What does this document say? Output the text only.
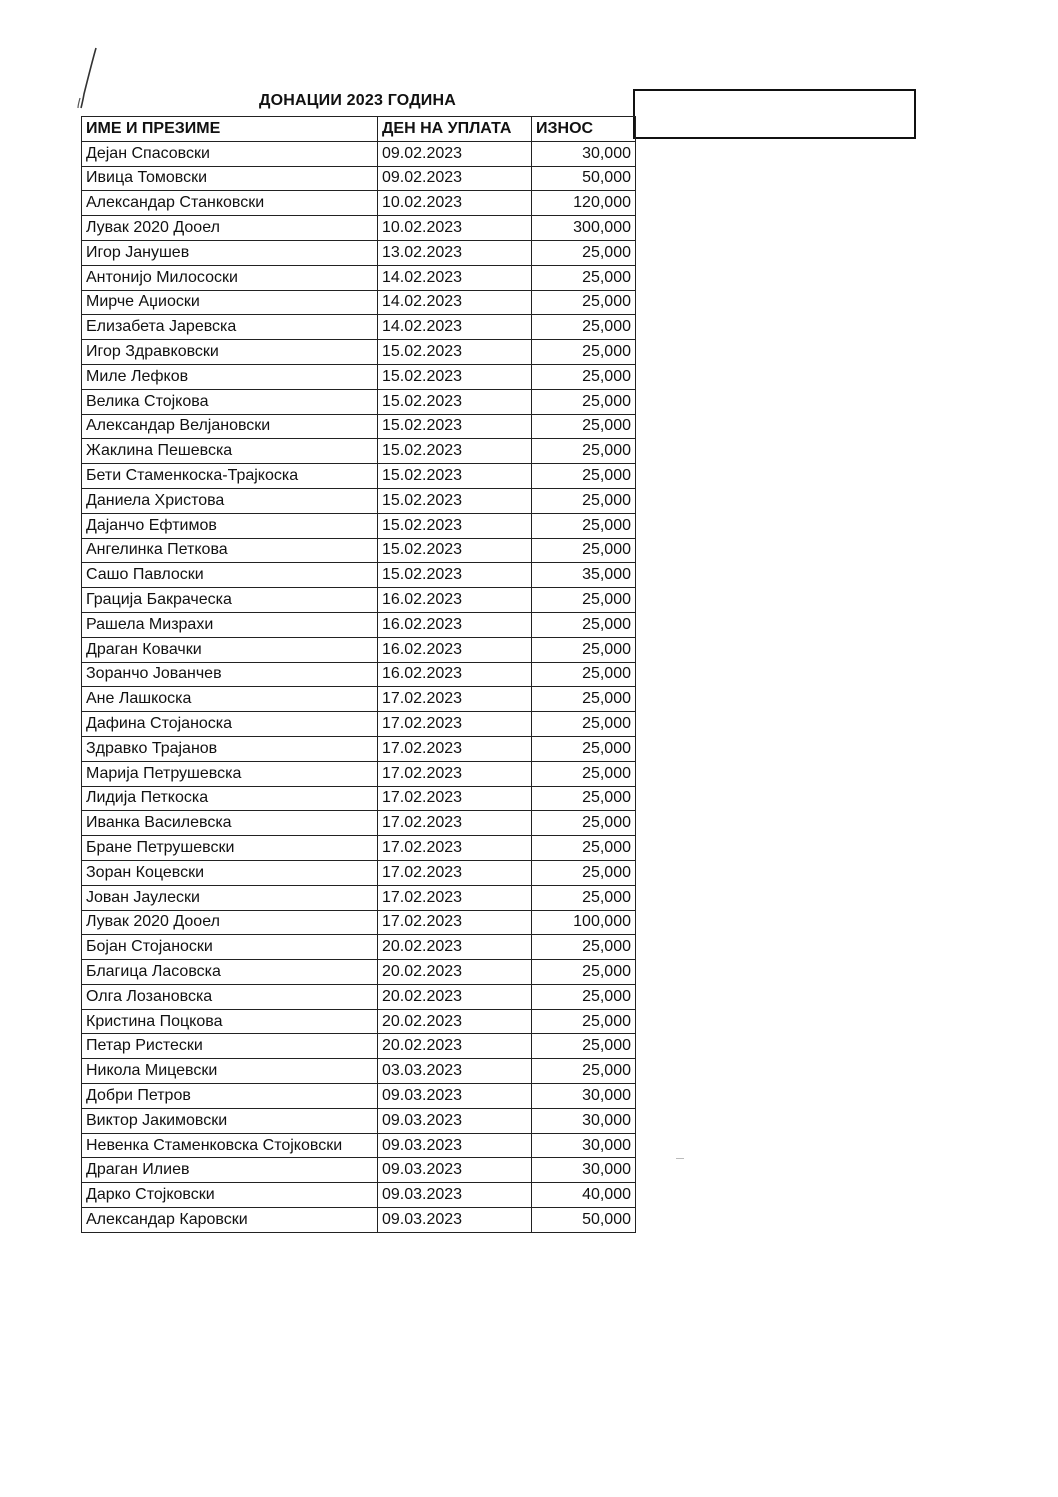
ДОНАЦИИ 2023 ГОДИНА
ИМЕ И ПРЕЗИМЕ	ДЕН НА УПЛАТА	ИЗНОС
Дејан Спасовски	09.02.2023	30,000
Ивица Томовски	09.02.2023	50,000
Александар Станковски	10.02.2023	120,000
Лувак 2020 Дооел	10.02.2023	300,000
Игор Јанушев	13.02.2023	25,000
Антонијо Милососки	14.02.2023	25,000
Мирче Аџиоски	14.02.2023	25,000
Елизабета Јаревска	14.02.2023	25,000
Игор Здравковски	15.02.2023	25,000
Миле Лефков	15.02.2023	25,000
Велика Стојкова	15.02.2023	25,000
Александар Велјановски	15.02.2023	25,000
Жаклина Пешевска	15.02.2023	25,000
Бети Стаменкоска-Трајкоска	15.02.2023	25,000
Даниела Христова	15.02.2023	25,000
Дајанчо Ефтимов	15.02.2023	25,000
Ангелинка Петкова	15.02.2023	25,000
Сашо Павлоски	15.02.2023	35,000
Грација Бакраческа	16.02.2023	25,000
Рашела Мизрахи	16.02.2023	25,000
Драган Ковачки	16.02.2023	25,000
Зоранчо Јованчев	16.02.2023	25,000
Ане Лашкоска	17.02.2023	25,000
Дафина Стојаноска	17.02.2023	25,000
Здравко Трајанов	17.02.2023	25,000
Марија Петрушевска	17.02.2023	25,000
Лидија Петкоска	17.02.2023	25,000
Иванка Василевска	17.02.2023	25,000
Бране Петрушевски	17.02.2023	25,000
Зоран Коцевски	17.02.2023	25,000
Јован Јаулески	17.02.2023	25,000
Лувак 2020 Дооел	17.02.2023	100,000
Бојан Стојаноски	20.02.2023	25,000
Благица Ласовска	20.02.2023	25,000
Олга Лозановска	20.02.2023	25,000
Кристина Поцкова	20.02.2023	25,000
Петар Ристески	20.02.2023	25,000
Никола Мицевски	03.03.2023	25,000
Добри Петров	09.03.2023	30,000
Виктор Јакимовски	09.03.2023	30,000
Невенка Стаменковска Стојковски	09.03.2023	30,000
Драган Илиев	09.03.2023	30,000
Дарко Стојковски	09.03.2023	40,000
Александар Каровски	09.03.2023	50,000
